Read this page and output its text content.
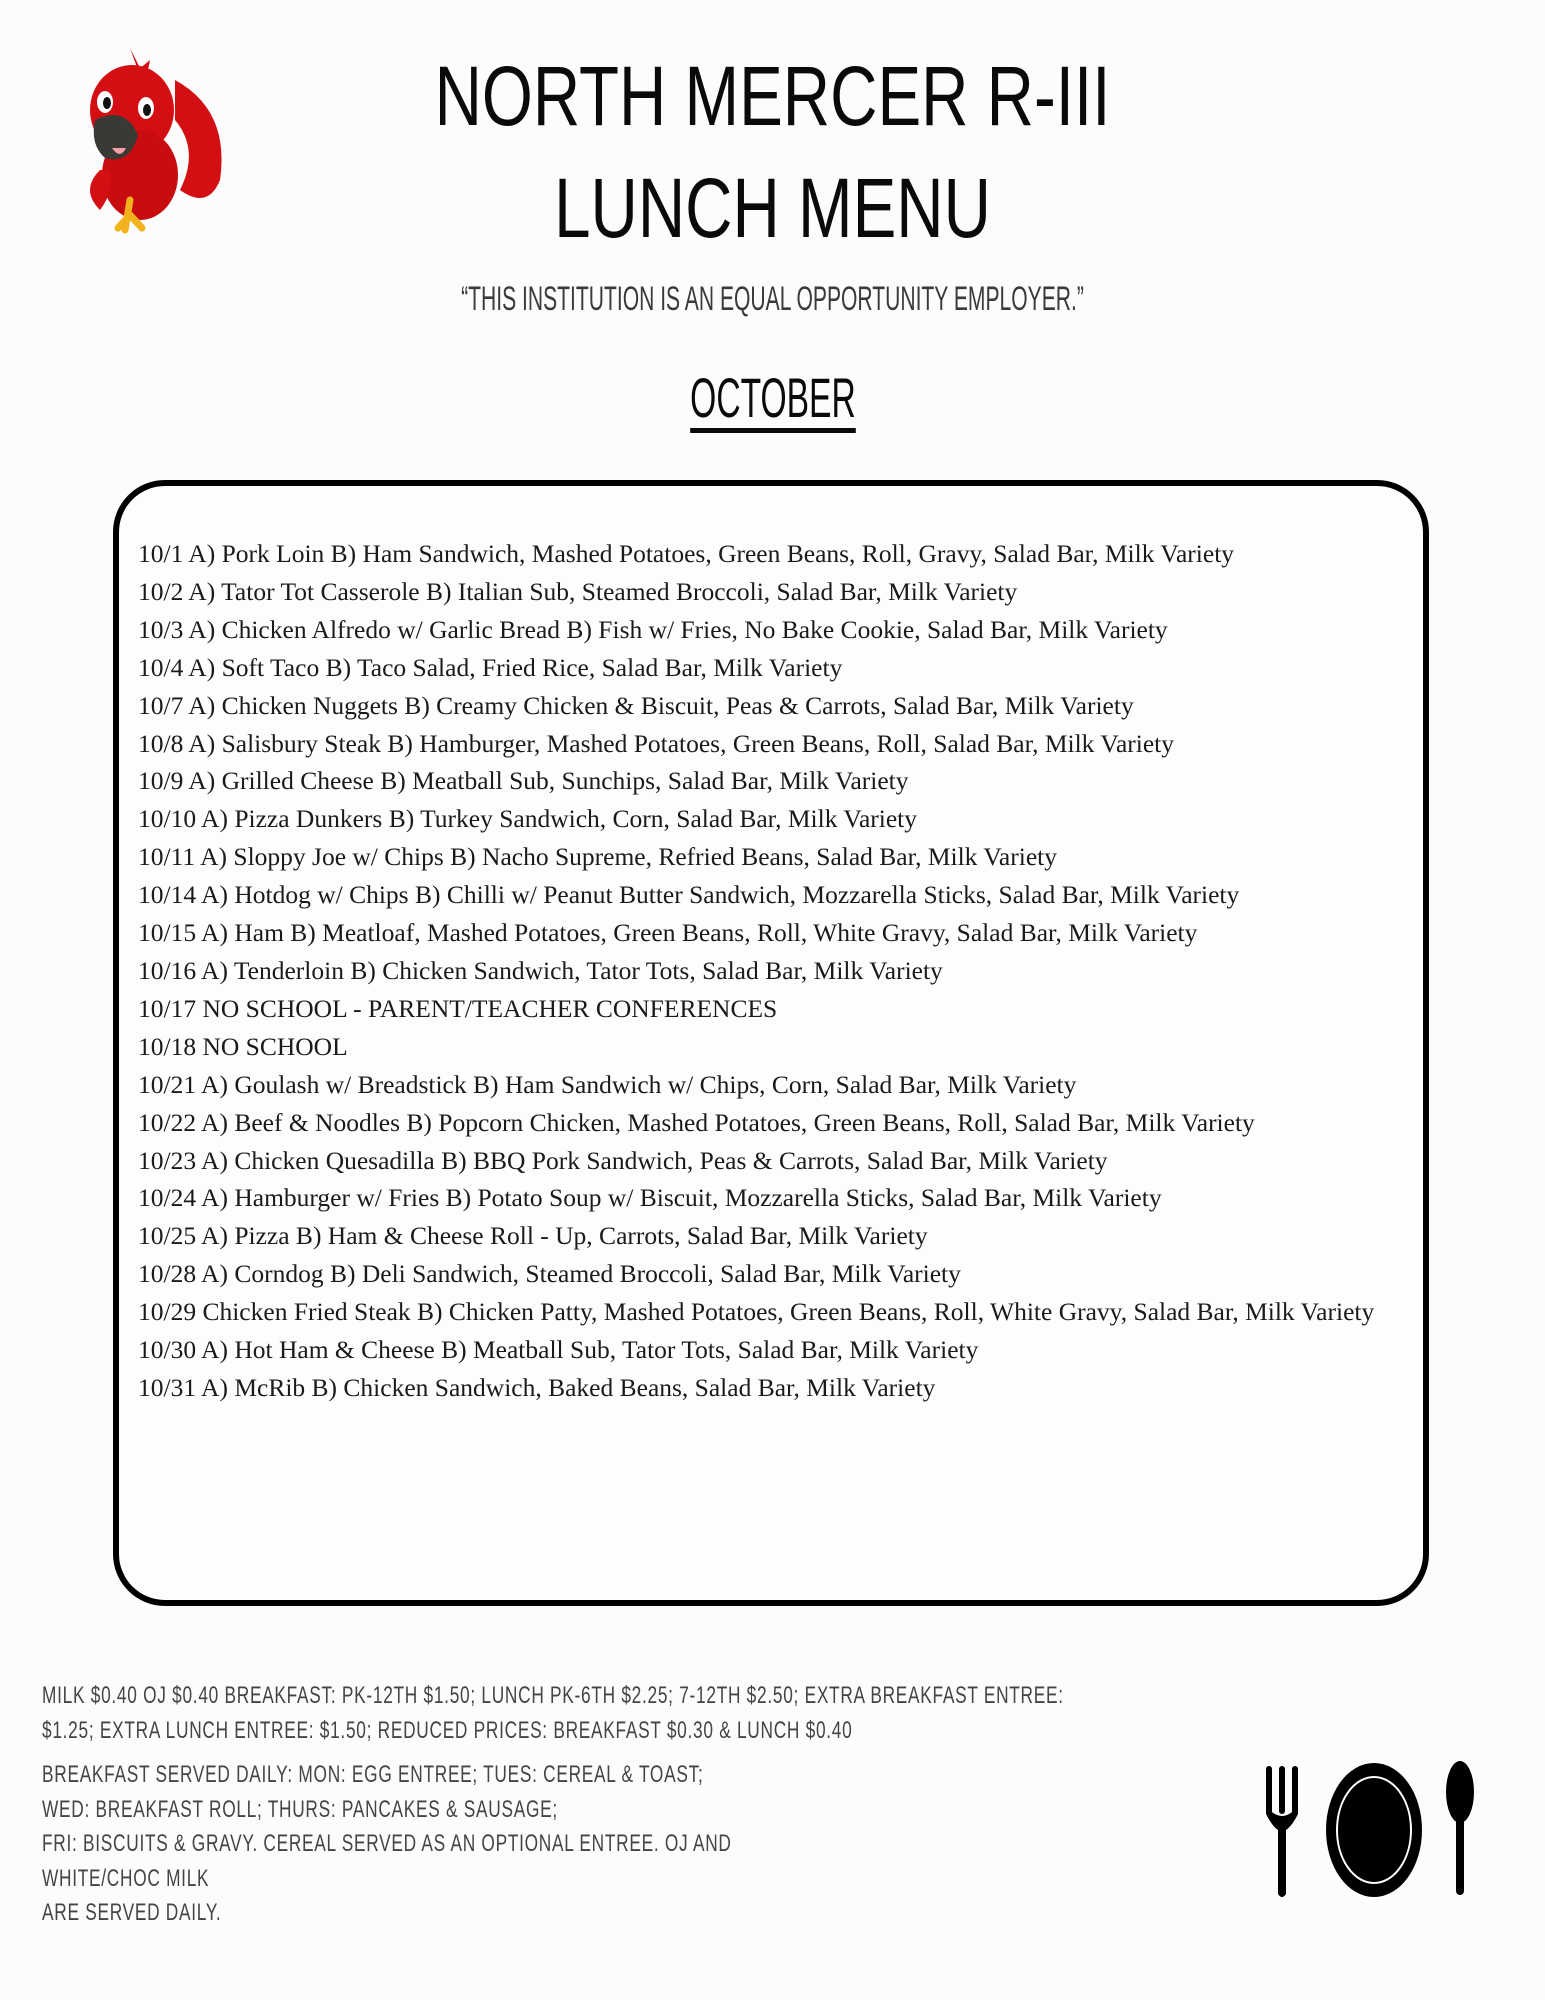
NORTH MERCER R-III
LUNCH MENU
“THIS INSTITUTION IS AN EQUAL OPPORTUNITY EMPLOYER.”
OCTOBER
10/1 A) Pork Loin B) Ham Sandwich, Mashed Potatoes, Green Beans, Roll, Gravy, Salad Bar, Milk Variety
10/2 A) Tator Tot Casserole B) Italian Sub, Steamed Broccoli, Salad Bar, Milk Variety
10/3 A) Chicken Alfredo w/ Garlic Bread B) Fish w/ Fries, No Bake Cookie, Salad Bar, Milk Variety
10/4 A) Soft Taco B) Taco Salad, Fried Rice, Salad Bar, Milk Variety
10/7 A) Chicken Nuggets B) Creamy Chicken & Biscuit, Peas & Carrots, Salad Bar, Milk Variety
10/8 A) Salisbury Steak B) Hamburger, Mashed Potatoes, Green Beans, Roll, Salad Bar, Milk Variety
10/9 A) Grilled Cheese B) Meatball Sub, Sunchips, Salad Bar, Milk Variety
10/10 A) Pizza Dunkers B) Turkey Sandwich, Corn, Salad Bar, Milk Variety
10/11 A) Sloppy Joe w/ Chips B) Nacho Supreme, Refried Beans, Salad Bar, Milk Variety
10/14 A) Hotdog w/ Chips B) Chilli w/ Peanut Butter Sandwich, Mozzarella Sticks, Salad Bar, Milk Variety
10/15 A) Ham B) Meatloaf, Mashed Potatoes, Green Beans, Roll, White Gravy, Salad Bar, Milk Variety
10/16 A) Tenderloin B) Chicken Sandwich, Tator Tots, Salad Bar, Milk Variety
10/17 NO SCHOOL - PARENT/TEACHER CONFERENCES
10/18 NO SCHOOL
10/21 A) Goulash w/ Breadstick B) Ham Sandwich w/ Chips, Corn, Salad Bar, Milk Variety
10/22 A) Beef & Noodles B) Popcorn Chicken, Mashed Potatoes, Green Beans, Roll, Salad Bar, Milk Variety
10/23 A) Chicken Quesadilla B) BBQ Pork Sandwich, Peas & Carrots, Salad Bar, Milk Variety
10/24 A) Hamburger w/ Fries B) Potato Soup w/ Biscuit, Mozzarella Sticks, Salad Bar, Milk Variety
10/25 A) Pizza B) Ham & Cheese Roll - Up, Carrots, Salad Bar, Milk Variety
10/28 A) Corndog B) Deli Sandwich, Steamed Broccoli, Salad Bar, Milk Variety
10/29 Chicken Fried Steak B) Chicken Patty, Mashed Potatoes, Green Beans, Roll, White Gravy, Salad Bar, Milk Variety
10/30 A) Hot Ham & Cheese B) Meatball Sub, Tator Tots, Salad Bar, Milk Variety
10/31 A) McRib B) Chicken Sandwich, Baked Beans, Salad Bar, Milk Variety
MILK $0.40 OJ $0.40 BREAKFAST: PK-12TH $1.50; LUNCH PK-6TH $2.25; 7-12TH $2.50; EXTRA BREAKFAST ENTREE:
$1.25; EXTRA LUNCH ENTREE: $1.50; REDUCED PRICES: BREAKFAST $0.30 & LUNCH $0.40
BREAKFAST SERVED DAILY: MON: EGG ENTREE; TUES: CEREAL & TOAST;
WED: BREAKFAST ROLL; THURS: PANCAKES & SAUSAGE;
FRI: BISCUITS & GRAVY. CEREAL SERVED AS AN OPTIONAL ENTREE. OJ AND
WHITE/CHOC MILK
ARE SERVED DAILY.
